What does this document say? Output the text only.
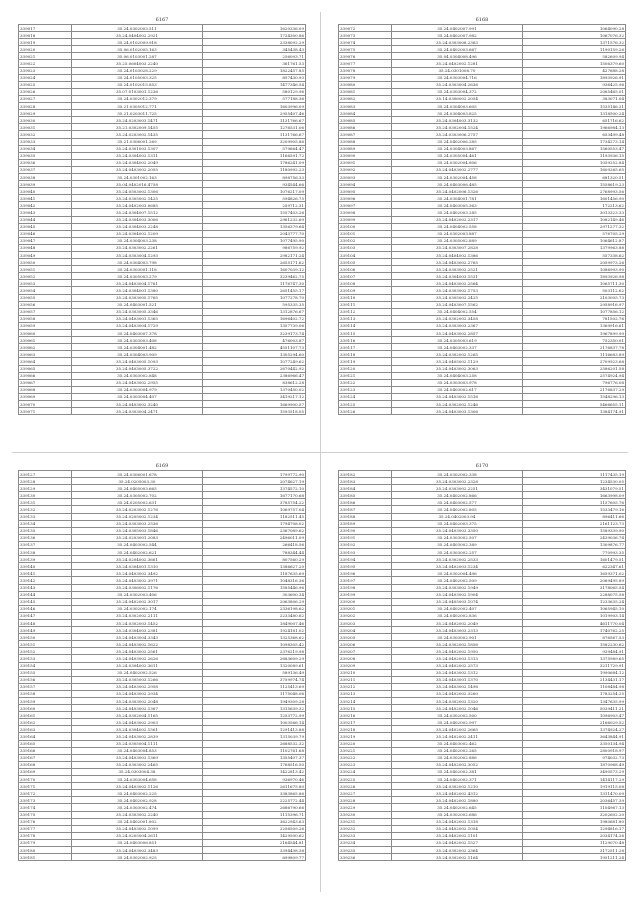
6167
339017	35.24.0302003.511	1620336.09
339018	35.24.0404002.2921	1724300.86
339019	35.24.0102009.918	2338092.29
339020	35.06.0102005.163	345438.43
339021	35.06.0103001.287	256093.71
339022	35.25.0604003.2240	361761.53
339023	35.24.0103028.229	1822457.85
339024	35.24.0105003.325	857430.93
339025	35.24.0102015.853	1477346.54
339026	35.07.0103001.1236	580129.96
339027	35.24.0302012.379	577188.36
339028	35.21.0305012.771	1603996.09
339029	35.21.0203011.725	2955407.46
339030	35.24.0203003.1471	1131766.67
339031	35.21.0302009.1455	1276531.06
339032	35.24.0203002.1435	1131766.67
339033	35.21.0306001.269	3209905.86
339034	35.24.0301003.1307	579664.47
339035	35.24.0304002.1311	1166591.72
339036	35.24.0304002.2049	1786241.09
339037	35.24.0403002.2055	1180992.23
339038	35.24.0301002.163	898756.33
339039	35.04.0402016.4758	934544.66
339040	35.24.0503002.1306	1076217.09
339041	35.24.0305002.1425	594826.75
339042	35.24.0402003.0685	259712.31
339043	35.24.0304007.1512	1557403.26
339044	35.24.0304003.3006	2961232.69
339045	35.24.0304003.2248	1356379.64
339046	35.24.0304002.1209	2043777.70
339047	35.24.0304003.238	1077495.90
339048	35.24.0303002.2261	986759.92
339049	35.24.0303004.1293	2982171.24
339050	35.24.0304003.798	2655171.62
339051	35.24.0303001.118	1607039.12
339052	35.24.0305003.279	3239462.75
339053	35.24.0403004.1761	1176747.30
339054	35.24.0304001.1380	2651455.17
339055	35.24.0303005.1765	1077278.70
339056	35.24.0403001.521	595335.35
339057	35.24.0303005.3346	1312876.67
339058	35.24.0403001.1365	1696402.72
339059	35.24.0403004.1729	1357739.06
339060	35.24.0403007.378	3239173.74
339061	35.24.0303003.408	476003.87
339062	35.24.0304001.482	4551107.73
339063	35.24.0304003.909	1305294.60
339064	35.24.0403005.1093	1077249.62
339065	35.24.0403005.3722	2670442.92
339066	35.24.0303002.848	2386966.47
339067	35.24.0403002.2955	838612.28
339068	35.24.0303004.979	1370450.02
339069	35.24.0303004.407	3419217.12
339070	35.24.0403002.3240	1669900.57
339071	35.24.0303004.2471	1593518.05
6168
339072	35.24.0402007.991	1064090.28
339073	35.24.0402007.982	1067076.32
339074	35.24.0303008.2363	1371576.32
339075	35.24.0402003.667	1190159.26
339076	35.04.0304008.496	582609.94
339077	35.24.0402002.1281	1506379.60
339078	35.24.0301008.70	427688.28
339079	35.24.0303004.716	1893926.91
339080	35.24.0303004.2636	936425.96
339081	35.24.0303004.372	2065465.01
339082	35.14.0306002.2054	383071.04
339083	35.24.0304003.605	1535146.21
339084	35.24.0304003.825	1318500.24
339085	35.24.0304003.3132	651716.62
339086	35.24.0302004.1524	1966984.13
339087	35.24.0303006.2757	653499.48
339088	35.24.0402006.285	1734273.14
339089	35.24.0304003.867	1560553.47
339090	35.24.0305004.461	1193936.15
339091	35.24.0302004.806	1059252.84
339092	35.24.0403002.2777	1609265.65
339093	35.24.0302004.458	681320.51
339094	35.24.0403006.485	1558619.23
339095	35.24.0402006.1326	2768993.56
339096	35.24.0304001.781	1601456.90
339097	35.24.0403005.363	172213.62
339098	35.24.0402003.285	3013323.33
339099	35.24.0402002.2317	1082149.46
339100	35.24.0404002.558	2971277.32
339101	35.24.0302003.887	576705.29
339102	35.24.0305002.889	1064612.87
339103	35.24.0303007.2828	1379963.88
339104	35.24.0404002.1386	557338.62
339105	35.24.0403002.2765	2059973.26
339106	35.24.0303002.2521	1086993.90
339107	35.24.0304003.1531	1893926.98
339108	35.24.0403002.2564	1065711.30
339109	35.24.0303002.1753	503112.62
339110	35.24.0305002.2425	2103005.73
339111	35.24.0403007.1562	2958916.97
339112	35.24.0404002.554	1077856.12
339113	35.24.0302002.3458	781502.76
339114	35.24.0303003.2367	1369916.61
339115	35.24.0403002.2857	1967899.99
339116	35.24.0305003.619	752350.01
339117	35.24.0403002.337	2176837.78
339118	35.24.0302002.1265	1116683.89
339119	35.24.0405002.1129	2709923.68
339120	35.24.0403002.3063	2586201.58
339121	35.24.0404003.258	2574924.94
339122	35.24.0303003.978	796776.08
339123	35.24.0403002.617	2176837.29
339124	35.24.0403002.1516	1548296.13
339125	35.24.0302002.1246	5466655.11
339126	35.24.0403003.1306	1384174.91
6169
339127	35.24.0306001.678	1799772.90
339128	35.24.0205003.30	2074627.19
339129	35.24.0405003.665	1374572.10
339130	35.24.0305002.702	1677170.68
339131	35.24.0205002.631	3785754.22
339132	35.24.0203002.1276	1069757.04
339133	35.24.0205002.1234	1182511.45
339134	35.24.0303003.2536	1794708.02
339135	35.24.0305003.1846	2367089.62
339136	35.24.0203001.2083	2496011.09
339137	35.24.0403002.544	266418.56
339138	35.24.0402002.621	788344.44
339139	35.24.0204002.3661	807560.29
339140	35.24.0304001.1310	1386627.20
339141	35.24.0403002.3492	1187635.69
339142	35.24.0403002.3971	1048316.36
339143	35.24.0306002.1176	1585446.96
339144	35.24.0302003.406	303600.34
339145	35.24.0402002.3017	2063806.29
339146	35.24.0302002.174	2336198.62
339147	35.24.0302002.2111	2233480.62
339148	35.24.0302003.1452	1849007.46
339149	35.24.0304003.2381	1924181.02
339150	35.24.0403004.3343	1325368.62
339151	35.24.0403002.1622	1098305.42
339152	35.24.0403002.2561	2376219.98
339153	35.24.0403002.2626	2683609.29
339154	35.24.0304002.3611	1320089.61
339155	35.24.0402002.526	589136.49
339156	35.24.0305003.1266	3759974.74
339157	35.24.0403002.2958	1125413.69
339158	35.24.0403002.2934	1175048.06
339159	35.24.0303002.2048	1949309.28
339160	35.24.0403002.1367	1315639.32
339161	35.24.0302004.1165	1253772.99
339162	35.24.0403002.2903	1003566.14
339163	35.24.0304002.1561	1291413.88
339164	35.24.0403002.2839	1315039.79
339165	35.24.0305004.1111	2688532.32
339166	35.24.0403004.853	1102761.68
339167	35.24.0403002.1369	1355407.37
339168	35.24.0303002.2465	1768516.50
339169	35.24.0303004.38	1422813.42
339170	35.24.0303004.658	936970.46
339171	35.24.0403002.1126	2611675.80
339172	35.24.0403002.225	3383865.86
339173	35.24.0402002.928	2225772.44
339174	35.24.0303002.474	2686790.66
339175	35.24.0303002.2240	1115396.71
339176	35.24.0402001.802	3622943.63
339177	35.24.0403002.1099	2256509.26
339178	35.24.0205004.2611	1429500.62
339179	35.24.0403006.851	2164544.81
339180	35.24.0403002.3483	3394438.38
339181	35.24.0302002.925	699809.77
6170
339182	35.24.0302002.338	1117435.19
339183	35.24.0303002.2328	1234530.05
339184	35.24.0303002.2251	3431079.51
339185	35.24.0402002.866	1663998.09
339186	35.24.0403002.577	1157605.76
339187	35.24.0402002.805	1533479.16
339188	35.24.0402003.94	896411.66
339189	35.24.0402003.375	2161123.73
339190	35.24.0403002.3350	1589339.90
339191	35.24.0303002.507	2439036.74
339192	35.24.0403002.389	1309876.77
339193	35.24.0303002.257	770993.35
339194	35.24.0302002.2533	1601479.51
339195	35.24.0402003.1234	622347.61
339196	35.24.0302004.496	1659371.02
339197	35.24.0402002.509	2069495.89
339198	35.24.0303002.1949	3178065.54
339199	35.24.0403002.1904	2288075.58
339200	35.24.0405003.1074	1233635.24
339201	35.24.0402002.407	1065945.10
339202	35.24.0402002.836	1019903.14
339203	35.24.0402002.2049	4611770.04
339204	35.24.0403003.2313	1740762.25
339205	35.24.0303002.901	876567.53
339206	35.24.0302002.1856	1582230.62
339207	35.24.0402002.1950	939484.91
339208	35.24.0402003.1313	1375989.65
339209	35.24.0402002.2573	3211729.91
339210	35.24.0403002.1312	1990684.12
339211	35.24.0403001.1370	2134431.17
339212	35.24.0403002.1498	1108484.98
339213	35.24.0402002.3260	1783254.25
339214	35.24.0302002.1320	1347635.99
339215	35.24.0402002.1046	5039411.21
339216	35.24.0302002.500	1096903.47
339217	35.24.0402002.997	2166029.52
339218	35.24.0402002.2665	1374924.27
339219	35.24.0402002.2411	3643844.91
339220	35.24.0403002.462	3350134.94
339221	35.24.0402002.265	2800918.97
339222	35.24.0302002.886	974032.73
339223	35.24.0402002.3052	1870968.49
339224	35.24.0402002.381	3490573.29
339225	35.24.0402002.371	1414117.29
339226	35.24.0302002.1210	1919115.08
339227	35.24.0402002.4312	1311470.09
339228	35.24.0402002.1880	2036457.39
339229	35.24.0402002.645	1104967.13
339230	35.24.0302002.686	3202602.20
339231	35.24.0402002.1318	1980681.80
339232	35.24.0402002.1054	1294816.17
339233	35.24.0402002.1101	2034174.26
339234	35.24.0402002.1527	1129070.48
339235	35.24.0302002.2364	3172511.28
339236	35.24.0302002.1164	1951211.24
